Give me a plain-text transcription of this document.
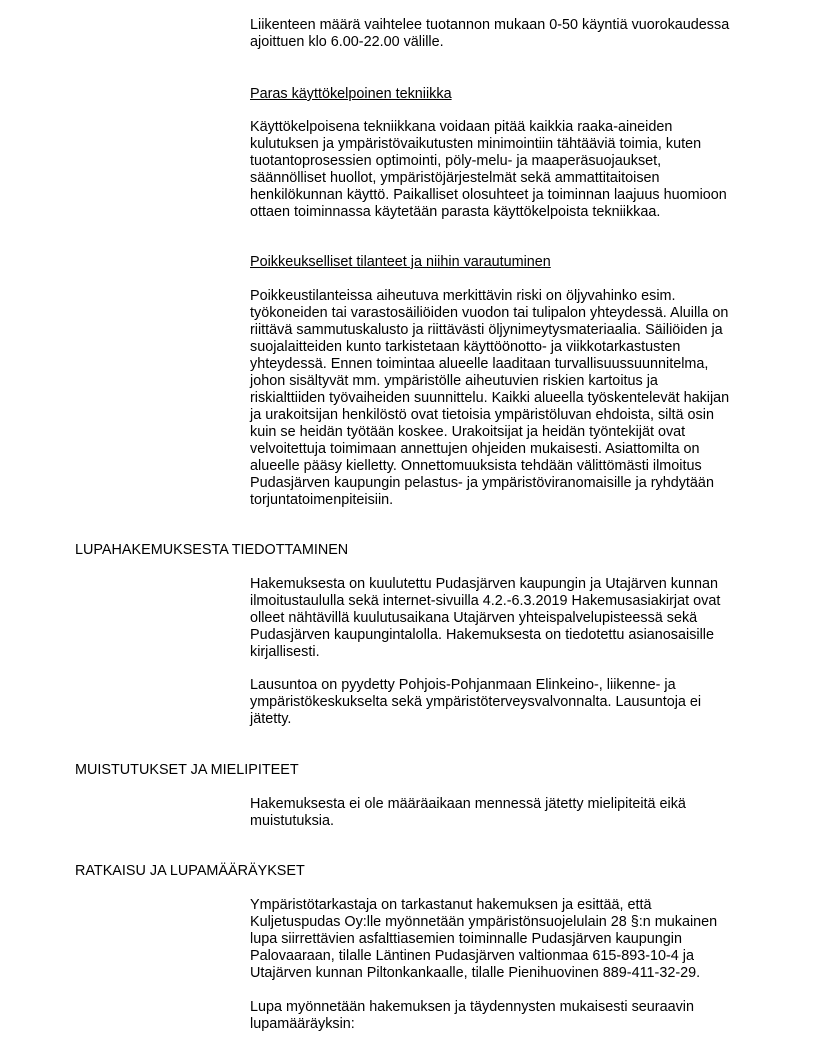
Liikenteen määrä vaihtelee tuotannon mukaan 0-50 käyntiä vuorokaudessa
ajoittuen klo 6.00-22.00 välille.
Paras käyttökelpoinen tekniikka
Käyttökelpoisena tekniikkana voidaan pitää kaikkia raaka-aineiden
kulutuksen ja ympäristövaikutusten minimointiin tähtääviä toimia, kuten
tuotantoprosessien optimointi, pöly-melu- ja maaperäsuojaukset,
säännölliset huollot, ympäristöjärjestelmät sekä ammattitaitoisen
henkilökunnan käyttö. Paikalliset olosuhteet ja toiminnan laajuus huomioon
ottaen toiminnassa käytetään parasta käyttökelpoista tekniikkaa.
Poikkeukselliset tilanteet ja niihin varautuminen
Poikkeustilanteissa aiheutuva merkittävin riski on öljyvahinko esim.
työkoneiden tai varastosäiliöiden vuodon tai tulipalon yhteydessä. Aluilla on
riittävä sammutuskalusto ja riittävästi öljynimeytysmateriaalia. Säiliöiden ja
suojalaitteiden kunto tarkistetaan käyttöönotto- ja viikkotarkastusten
yhteydessä. Ennen toimintaa alueelle laaditaan turvallisuussuunnitelma,
johon sisältyvät mm. ympäristölle aiheutuvien riskien kartoitus ja
riskialttiiden työvaiheiden suunnittelu. Kaikki alueella työskentelevät hakijan
ja urakoitsijan henkilöstö ovat tietoisia ympäristöluvan ehdoista, siltä osin
kuin se heidän työtään koskee. Urakoitsijat ja heidän työntekijät ovat
velvoitettuja toimimaan annettujen ohjeiden mukaisesti. Asiattomilta on
alueelle pääsy kielletty. Onnettomuuksista tehdään välittömästi ilmoitus
Pudasjärven kaupungin pelastus- ja ympäristöviranomaisille ja ryhdytään
torjuntatoimenpiteisiin.
LUPAHAKEMUKSESTA TIEDOTTAMINEN
Hakemuksesta on kuulutettu Pudasjärven kaupungin ja Utajärven kunnan
ilmoitustaululla sekä internet-sivuilla 4.2.-6.3.2019 Hakemusasiakirjat ovat
olleet nähtävillä kuulutusaikana Utajärven yhteispalvelupisteessä sekä
Pudasjärven kaupungintalolla. Hakemuksesta on tiedotettu asianosaisille
kirjallisesti.
Lausuntoa on pyydetty Pohjois-Pohjanmaan Elinkeino-, liikenne- ja
ympäristökeskukselta sekä ympäristöterveysvalvonnalta. Lausuntoja ei
jätetty.
MUISTUTUKSET JA MIELIPITEET
Hakemuksesta ei ole määräaikaan mennessä jätetty mielipiteitä eikä
muistutuksia.
RATKAISU JA LUPAMÄÄRÄYKSET
Ympäristötarkastaja on tarkastanut hakemuksen ja esittää, että
Kuljetuspudas Oy:lle myönnetään ympäristönsuojelulain 28 §:n mukainen
lupa siirrettävien asfalttiasemien toiminnalle Pudasjärven kaupungin
Palovaaraan, tilalle Läntinen Pudasjärven valtionmaa 615-893-10-4 ja
Utajärven kunnan Piltonkankaalle, tilalle Pienihuovinen 889-411-32-29.
Lupa myönnetään hakemuksen ja täydennysten mukaisesti seuraavin
lupamääräyksin:
